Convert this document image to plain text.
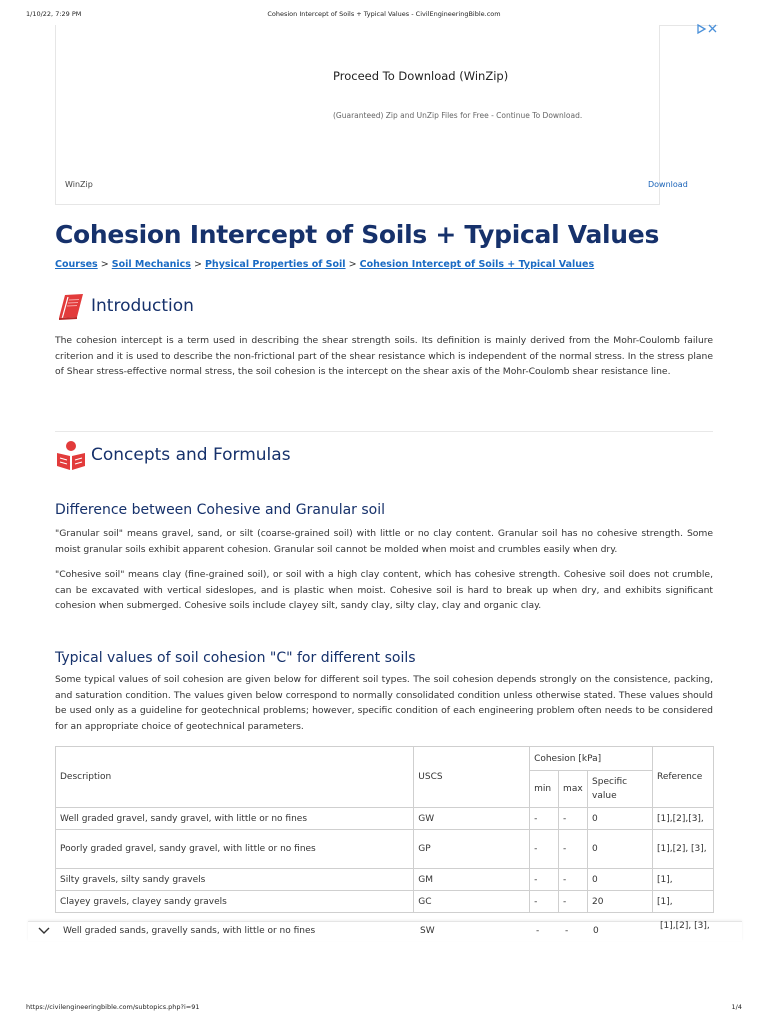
1/10/22, 7:29 PM	Cohesion Intercept of Soils + Typical Values - CivilEngineeringBible.com
Proceed To Download (WinZip)
(Guaranteed) Zip and UnZip Files for Free - Continue To Download.
WinZip	Download
Cohesion Intercept of Soils + Typical Values
Courses > Soil Mechanics > Physical Properties of Soil > Cohesion Intercept of Soils + Typical Values
Introduction

The cohesion intercept is a term used in describing the shear strength soils. Its definition is mainly derived from the Mohr-Coulomb failure criterion and it is used to describe the non-frictional part of the shear resistance which is independent of the normal stress. In the stress plane of Shear stress-effective normal stress, the soil cohesion is the intercept on the shear axis of the Mohr-Coulomb shear resistance line.

Concepts and Formulas
Difference between Cohesive and Granular soil

"Granular soil" means gravel, sand, or silt (coarse-grained soil) with little or no clay content. Granular soil has no cohesive strength. Some moist granular soils exhibit apparent cohesion. Granular soil cannot be molded when moist and crumbles easily when dry.

"Cohesive soil" means clay (fine-grained soil), or soil with a high clay content, which has cohesive strength. Cohesive soil does not crumble, can be excavated with vertical sideslopes, and is plastic when moist. Cohesive soil is hard to break up when dry, and exhibits significant cohesion when submerged. Cohesive soils include clayey silt, sandy clay, silty clay, clay and organic clay.

Typical values of soil cohesion "C" for different soils

Some typical values of soil cohesion are given below for different soil types. The soil cohesion depends strongly on the consistence, packing, and saturation condition. The values given below correspond to normally consolidated condition unless otherwise stated. These values should be used only as a guideline for geotechnical problems; however, specific condition of each engineering problem often needs to be considered for an appropriate choice of geotechnical parameters.

Description	USCS	Cohesion [kPa]			Reference
		min	max	Specific value	
Well graded gravel, sandy gravel, with little or no fines	GW	-	-	0	[1],[2],[3],
Poorly graded gravel, sandy gravel, with little or no fines	GP	-	-	0	[1],[2], [3],
Silty gravels, silty sandy gravels	GM	-	-	0	[1],
Clayey gravels, clayey sandy gravels	GC	-	-	20	[1],
Well graded sands, gravelly sands, with little or no fines	SW	-	-	0	[1],[2], [3],
https://civilengineeringbible.com/subtopics.php?i=91	1/4
